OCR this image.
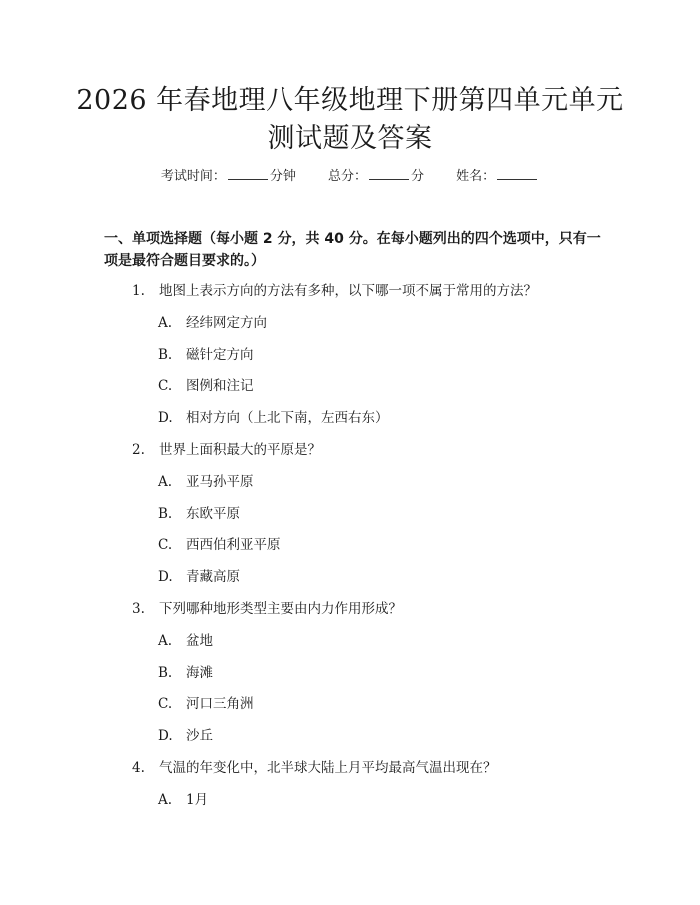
2026 年春地理八年级地理下册第四单元单元
测试题及答案
考试时间：	分钟 总分：	分 姓名：
一、单项选择题（每小题 2 分，共 40 分。在每小题列出的四个选项中，只有一项是最符合题目要求的。）
1. 地图上表示方向的方法有多种，以下哪一项不属于常用的方法？
A. 经纬网定方向
B. 磁针定方向
C. 图例和注记
D. 相对方向（上北下南，左西右东）
2. 世界上面积最大的平原是？
A. 亚马孙平原
B. 东欧平原
C. 西西伯利亚平原
D. 青藏高原
3. 下列哪种地形类型主要由内力作用形成？
A. 盆地
B. 海滩
C. 河口三角洲
D. 沙丘
4. 气温的年变化中，北半球大陆上月平均最高气温出现在？
A. 1月
